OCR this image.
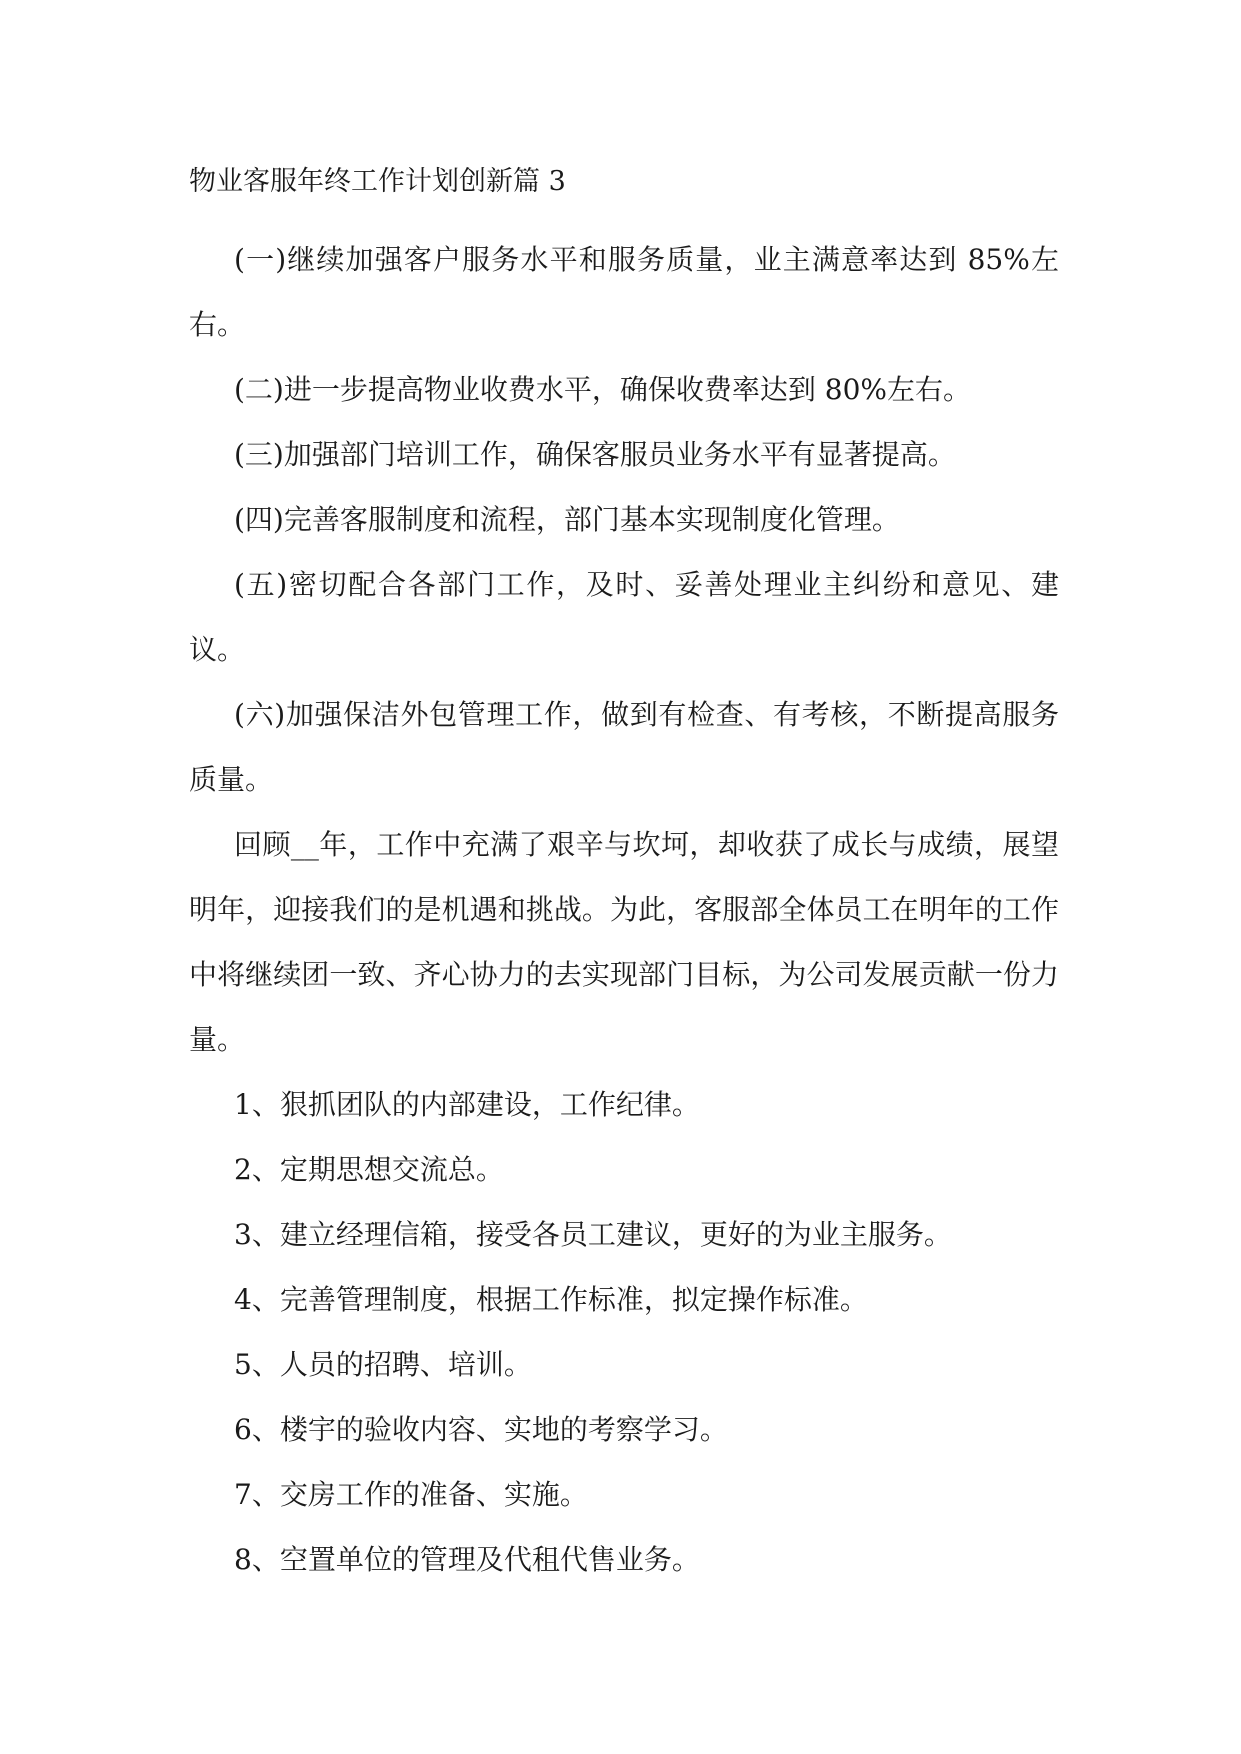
物业客服年终工作计划创新篇 3

(一)继续加强客户服务水平和服务质量，业主满意率达到 85%左右。

(二)进一步提高物业收费水平，确保收费率达到 80%左右。

(三)加强部门培训工作，确保客服员业务水平有显著提高。

(四)完善客服制度和流程，部门基本实现制度化管理。

(五)密切配合各部门工作，及时、妥善处理业主纠纷和意见、建议。

(六)加强保洁外包管理工作，做到有检查、有考核，不断提高服务质量。

回顾__年，工作中充满了艰辛与坎坷，却收获了成长与成绩，展望明年，迎接我们的是机遇和挑战。为此，客服部全体员工在明年的工作中将继续团一致、齐心协力的去实现部门目标，为公司发展贡献一份力量。

1、狠抓团队的内部建设，工作纪律。

2、定期思想交流总。

3、建立经理信箱，接受各员工建议，更好的为业主服务。

4、完善管理制度，根据工作标准，拟定操作标准。

5、人员的招聘、培训。

6、楼宇的验收内容、实地的考察学习。

7、交房工作的准备、实施。

8、空置单位的管理及代租代售业务。
